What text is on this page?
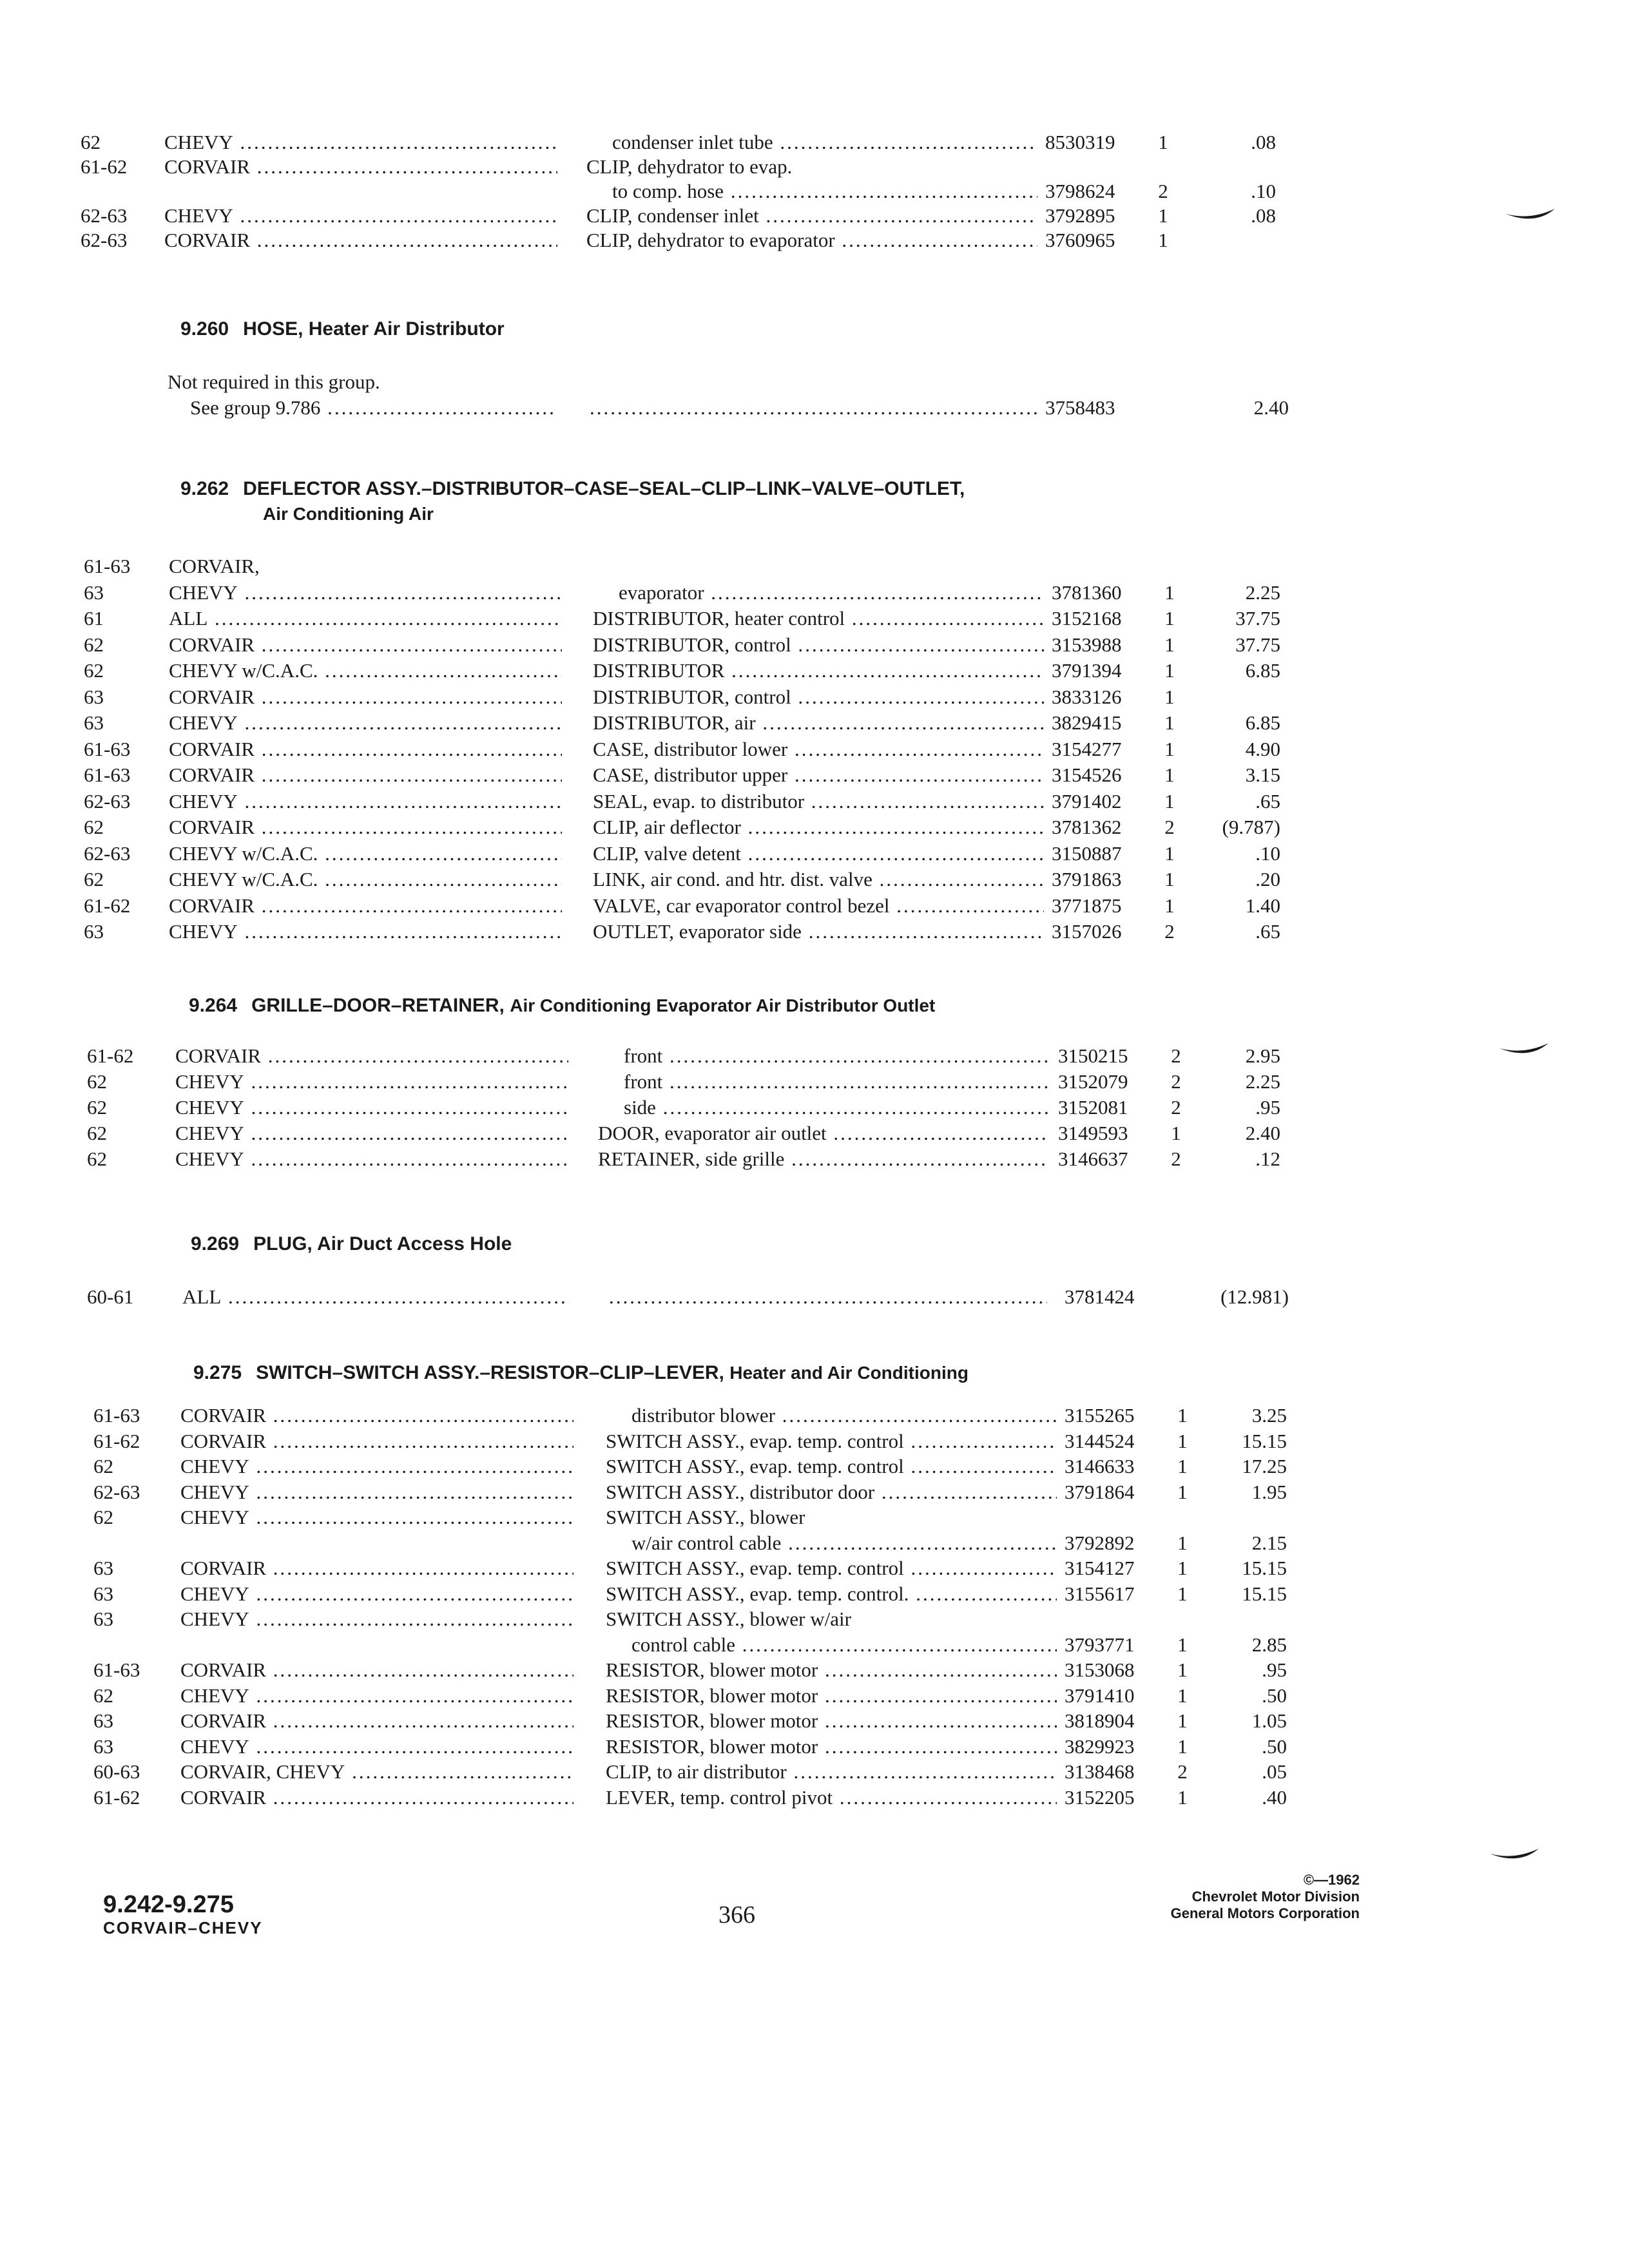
62	CHEVY .....	condenser inlet tube .....	8530319	1	.08
61-62	CORVAIR .....	CLIP, dehydrator to evap.
to comp. hose .....	3798624	2	.10
62-63	CHEVY .....	CLIP, condenser inlet .....	3792895	1	.08
62-63	CORVAIR .....	CLIP, dehydrator to evaporator .....	3760965	1
9.260 HOSE, Heater Air Distributor
Not required in this group.
See group 9.786 ..... .....	3758483	2.40
9.262 DEFLECTOR ASSY.–DISTRIBUTOR–CASE–SEAL–CLIP–LINK–VALVE–OUTLET,
Air Conditioning Air
61-63	CORVAIR,
63	CHEVY .....	evaporator .....	3781360	1	2.25
61	ALL .....	DISTRIBUTOR, heater control .....	3152168	1	37.75
62	CORVAIR .....	DISTRIBUTOR, control .....	3153988	1	37.75
62	CHEVY w/C.A.C. .....	DISTRIBUTOR .....	3791394	1	6.85
63	CORVAIR .....	DISTRIBUTOR, control .....	3833126	1
63	CHEVY .....	DISTRIBUTOR, air .....	3829415	1	6.85
61-63	CORVAIR .....	CASE, distributor lower .....	3154277	1	4.90
61-63	CORVAIR .....	CASE, distributor upper .....	3154526	1	3.15
62-63	CHEVY .....	SEAL, evap. to distributor .....	3791402	1	.65
62	CORVAIR .....	CLIP, air deflector .....	3781362	2	(9.787)
62-63	CHEVY w/C.A.C. .....	CLIP, valve detent .....	3150887	1	.10
62	CHEVY w/C.A.C. .....	LINK, air cond. and htr. dist. valve .....	3791863	1	.20
61-62	CORVAIR .....	VALVE, car evaporator control bezel .....	3771875	1	1.40
63	CHEVY .....	OUTLET, evaporator side .....	3157026	2	.65
9.264 GRILLE–DOOR–RETAINER, Air Conditioning Evaporator Air Distributor Outlet
61-62	CORVAIR .....	front .....	3150215	2	2.95
62	CHEVY .....	front .....	3152079	2	2.25
62	CHEVY .....	side .....	3152081	2	.95
62	CHEVY .....	DOOR, evaporator air outlet .....	3149593	1	2.40
62	CHEVY .....	RETAINER, side grille .....	3146637	2	.12
9.269 PLUG, Air Duct Access Hole
60-61	ALL ..... .....	3781424	(12.981)
9.275 SWITCH–SWITCH ASSY.–RESISTOR–CLIP–LEVER, Heater and Air Conditioning
61-63	CORVAIR .....	distributor blower .....	3155265	1	3.25
61-62	CORVAIR .....	SWITCH ASSY., evap. temp. control .....	3144524	1	15.15
62	CHEVY .....	SWITCH ASSY., evap. temp. control .....	3146633	1	17.25
62-63	CHEVY .....	SWITCH ASSY., distributor door .....	3791864	1	1.95
62	CHEVY .....	SWITCH ASSY., blower
w/air control cable .....	3792892	1	2.15
63	CORVAIR .....	SWITCH ASSY., evap. temp. control .....	3154127	1	15.15
63	CHEVY .....	SWITCH ASSY., evap. temp. control. .....	3155617	1	15.15
63	CHEVY .....	SWITCH ASSY., blower w/air
control cable .....	3793771	1	2.85
61-63	CORVAIR .....	RESISTOR, blower motor .....	3153068	1	.95
62	CHEVY .....	RESISTOR, blower motor .....	3791410	1	.50
63	CORVAIR .....	RESISTOR, blower motor .....	3818904	1	1.05
63	CHEVY .....	RESISTOR, blower motor .....	3829923	1	.50
60-63	CORVAIR, CHEVY .....	CLIP, to air distributor .....	3138468	2	.05
61-62	CORVAIR .....	LEVER, temp. control pivot .....	3152205	1	.40
9.242-9.275
CORVAIR–CHEVY	366
©—1962
Chevrolet Motor Division
General Motors Corporation
